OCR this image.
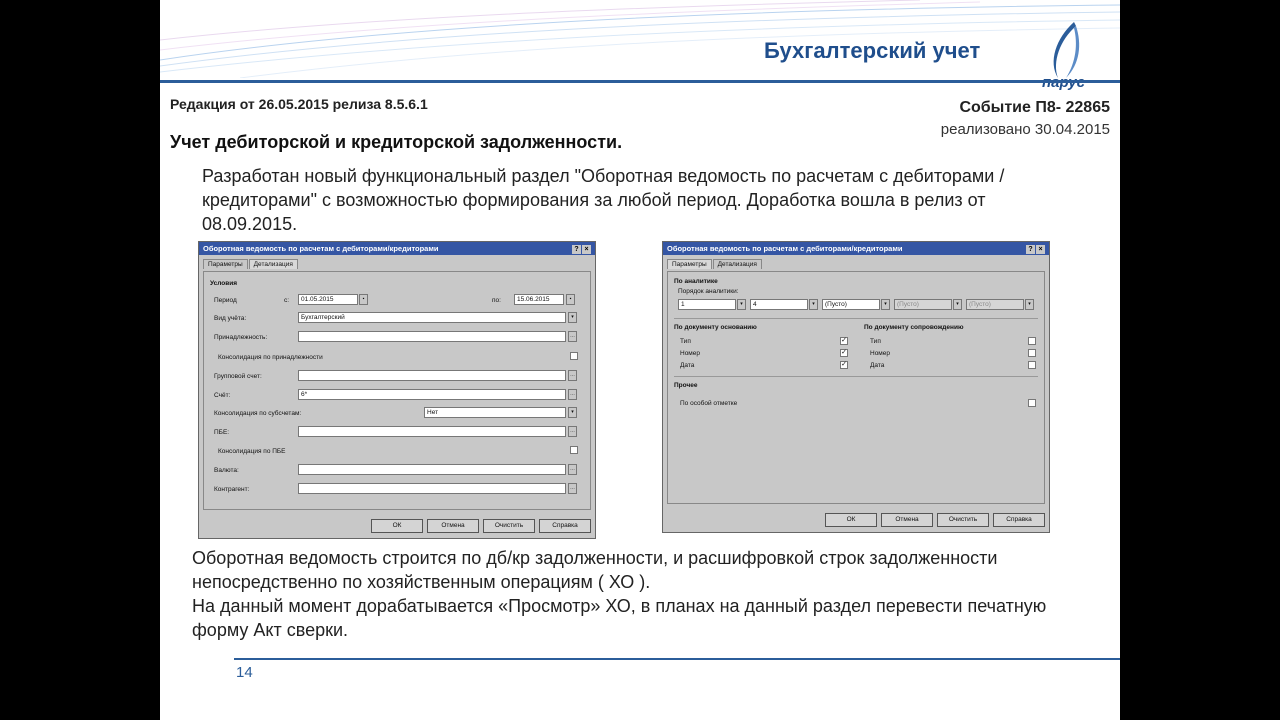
Бухгалтерский учет
Редакция от 26.05.2015 релиза 8.5.6.1	Событие П8- 22865
реализовано 30.04.2015
Учет дебиторской и кредиторской задолженности.
Разработан новый функциональный раздел "Оборотная ведомость по расчетам с дебиторами / кредиторами" с возможностью формирования за любой период. Доработка вошла в релиз от 08.09.2015.
Оборотная ведомость по расчетам с дебиторами/кредиторами	? ×
Параметры	Детализация
Условия
Период	с:	01.05.2015	▪	по:	15.06.2015	▪
Вид учёта:	Бухгалтерский	▾
Принадлежность:	…
Консолидация по принадлежности
Групповой счет:	…
Счёт:	6*	…
Консолидация по субсчетам:	Нет	▾
ПБЕ:	…
Консолидация по ПБЕ
Валюта:	…
Контрагент:	…
ОК	Отмена	Очистить	Справка
Оборотная ведомость по расчетам с дебиторами/кредиторами	? ×
Параметры	Детализация
По аналитике
Порядок аналитики:
1	▾	4	▾	(Пусто)	▾	(Пусто)	▾	(Пусто)	▾
По документу основанию
Тип	✓
Номер	✓
Дата	✓
По документу сопровождению
Тип
Номер
Дата
Прочее
По особой отметке
ОК	Отмена	Очистить	Справка
Оборотная ведомость строится по дб/кр задолженности, и расшифровкой строк задолженности непосредственно по хозяйственным операциям ( ХО ).
На данный момент дорабатывается «Просмотр» ХО, в планах на данный раздел перевести печатную форму Акт сверки.
14
